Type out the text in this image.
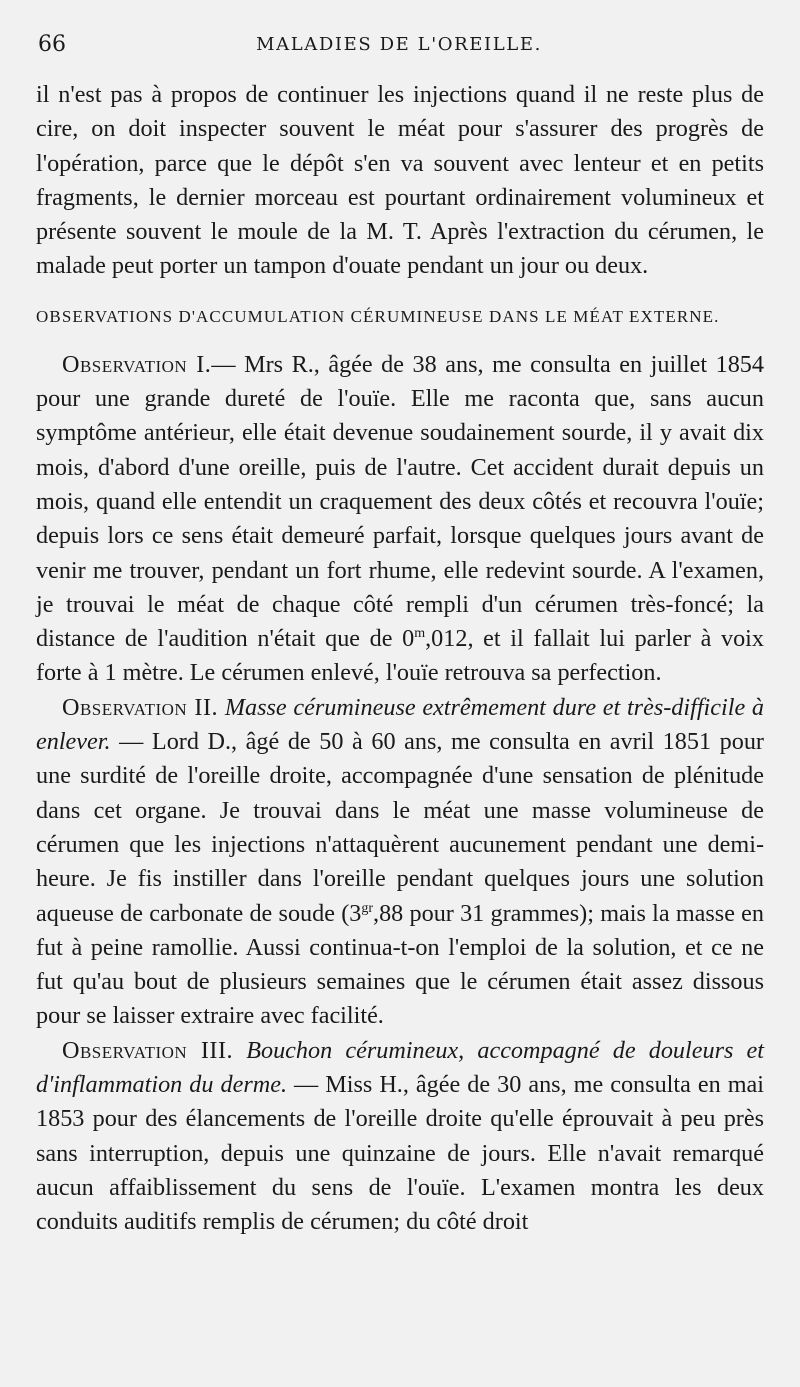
66	MALADIES DE L'OREILLE.

il n'est pas à propos de continuer les injections quand il ne reste plus de cire, on doit inspecter souvent le méat pour s'assurer des progrès de l'opération, parce que le dépôt s'en va souvent avec lenteur et en petits fragments, le dernier morceau est pourtant ordinairement volumineux et présente souvent le moule de la M. T. Après l'extraction du cérumen, le malade peut porter un tampon d'ouate pendant un jour ou deux.

OBSERVATIONS D'ACCUMULATION CÉRUMINEUSE DANS LE MÉAT EXTERNE.

Observation I.— Mrs R., âgée de 38 ans, me consulta en juillet 1854 pour une grande dureté de l'ouïe. Elle me raconta que, sans aucun symptôme antérieur, elle était devenue soudainement sourde, il y avait dix mois, d'abord d'une oreille, puis de l'autre. Cet accident durait depuis un mois, quand elle entendit un craquement des deux côtés et recouvra l'ouïe; depuis lors ce sens était demeuré parfait, lorsque quelques jours avant de venir me trouver, pendant un fort rhume, elle redevint sourde. A l'examen, je trouvai le méat de chaque côté rempli d'un cérumen très-foncé; la distance de l'audition n'était que de 0$^m$,012, et il fallait lui parler à voix forte à 1 mètre. Le cérumen enlevé, l'ouïe retrouva sa perfection.

Observation II. Masse cérumineuse extrêmement dure et très-difficile à enlever. — Lord D., âgé de 50 à 60 ans, me consulta en avril 1851 pour une surdité de l'oreille droite, accompagnée d'une sensation de plénitude dans cet organe. Je trouvai dans le méat une masse volumineuse de cérumen que les injections n'attaquèrent aucunement pendant une demi-heure. Je fis instiller dans l'oreille pendant quelques jours une solution aqueuse de carbonate de soude ($3^{gr},88$ pour 31 grammes); mais la masse en fut à peine ramollie. Aussi continua-t-on l'emploi de la solution, et ce ne fut qu'au bout de plusieurs semaines que le cérumen était assez dissous pour se laisser extraire avec facilité.

Observation III. Bouchon cérumineux, accompagné de douleurs et d'inflammation du derme. — Miss H., âgée de 30 ans, me consulta en mai 1853 pour des élancements de l'oreille droite qu'elle éprouvait à peu près sans interruption, depuis une quinzaine de jours. Elle n'avait remarqué aucun affaiblissement du sens de l'ouïe. L'examen montra les deux conduits auditifs remplis de cérumen; du côté droit
